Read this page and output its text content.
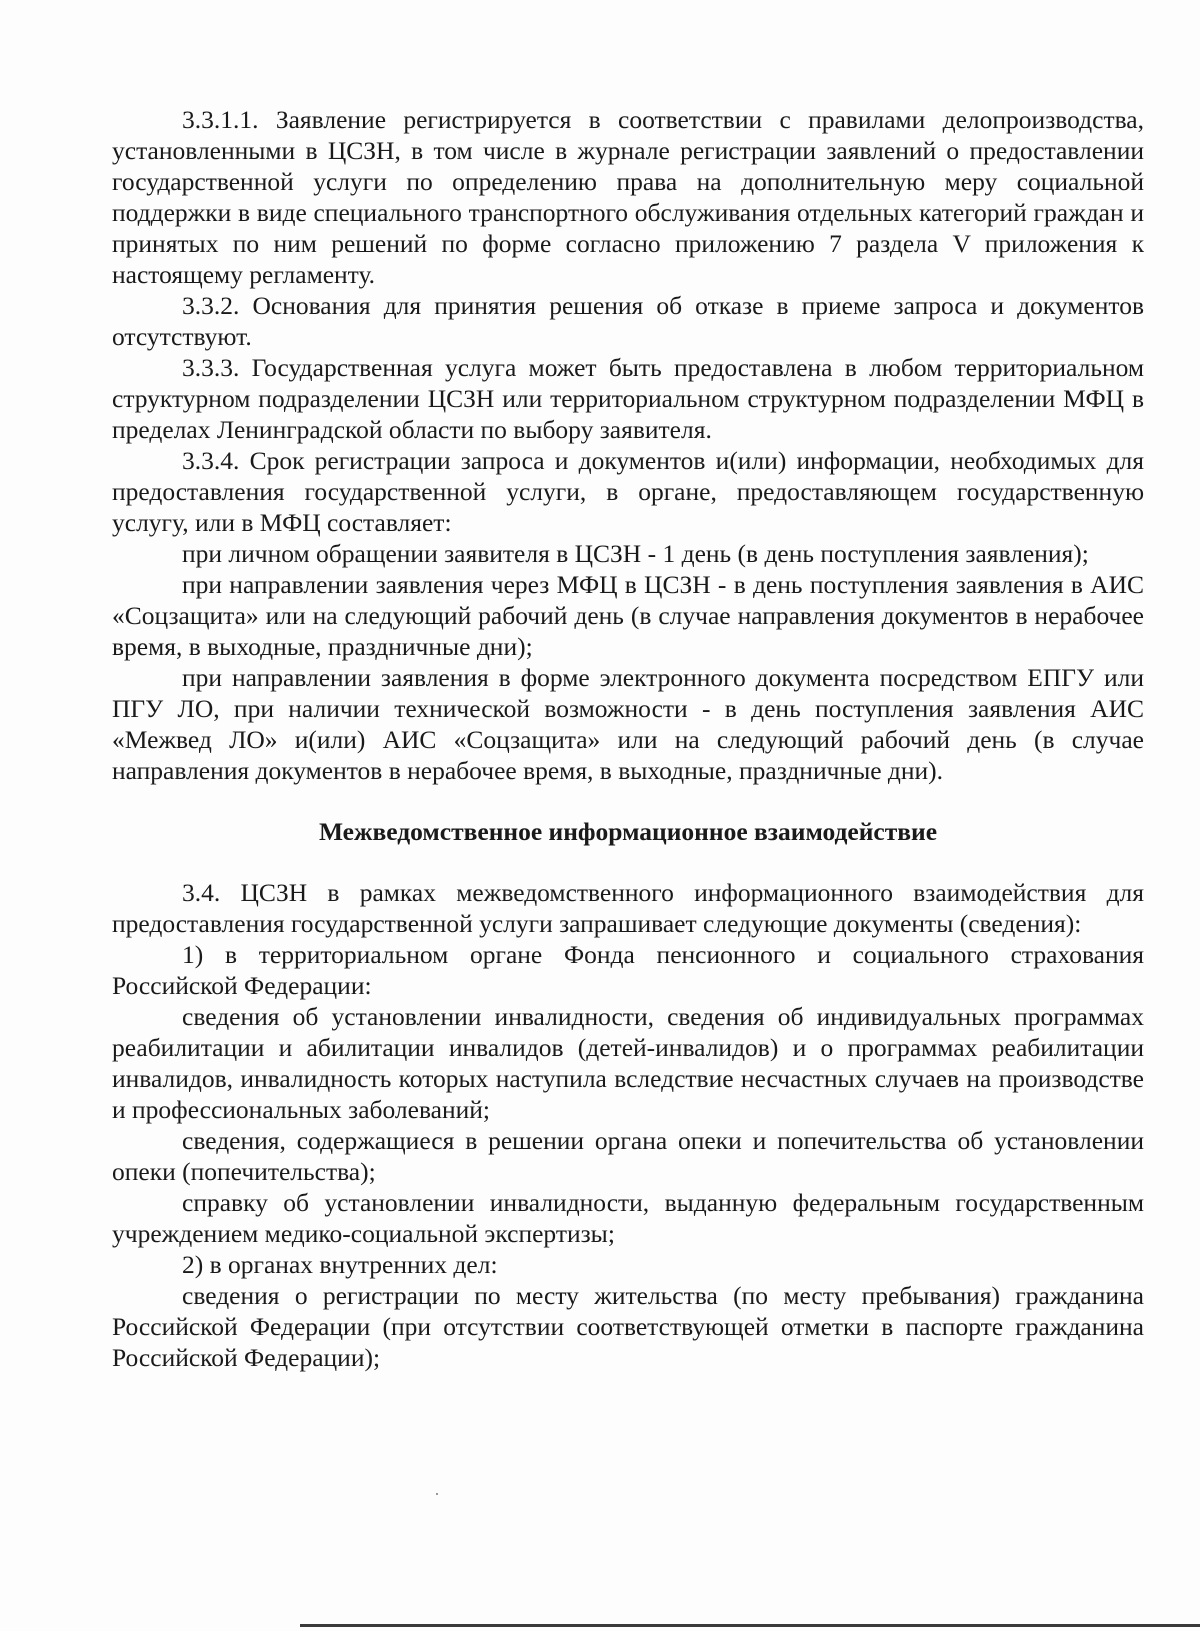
3.3.1.1. Заявление регистрируется в соответствии с правилами делопроизводства, установленными в ЦСЗН, в том числе в журнале регистрации заявлений о предоставлении государственной услуги по определению права на дополнительную меру социальной поддержки в виде специального транспортного обслуживания отдельных категорий граждан и принятых по ним решений по форме согласно приложению 7 раздела V приложения к настоящему регламенту.

3.3.2. Основания для принятия решения об отказе в приеме запроса и документов отсутствуют.

3.3.3. Государственная услуга может быть предоставлена в любом территориальном структурном подразделении ЦСЗН или территориальном структурном подразделении МФЦ в пределах Ленинградской области по выбору заявителя.

3.3.4. Срок регистрации запроса и документов и(или) информации, необходимых для предоставления государственной услуги, в органе, предоставляющем государственную услугу, или в МФЦ составляет:

при личном обращении заявителя в ЦСЗН - 1 день (в день поступления заявления);

при направлении заявления через МФЦ в ЦСЗН - в день поступления заявления в АИС «Соцзащита» или на следующий рабочий день (в случае направления документов в нерабочее время, в выходные, праздничные дни);

при направлении заявления в форме электронного документа посредством ЕПГУ или ПГУ ЛО, при наличии технической возможности - в день поступления заявления АИС «Межвед ЛО» и(или) АИС «Соцзащита» или на следующий рабочий день (в случае направления документов в нерабочее время, в выходные, праздничные дни).

Межведомственное информационное взаимодействие

3.4. ЦСЗН в рамках межведомственного информационного взаимодействия для предоставления государственной услуги запрашивает следующие документы (сведения):

1) в территориальном органе Фонда пенсионного и социального страхования Российской Федерации:

сведения об установлении инвалидности, сведения об индивидуальных программах реабилитации и абилитации инвалидов (детей-инвалидов) и о программах реабилитации инвалидов, инвалидность которых наступила вследствие несчастных случаев на производстве и профессиональных заболеваний;

сведения, содержащиеся в решении органа опеки и попечительства об установлении опеки (попечительства);

справку об установлении инвалидности, выданную федеральным государственным учреждением медико-социальной экспертизы;

2) в органах внутренних дел:

сведения о регистрации по месту жительства (по месту пребывания) гражданина Российской Федерации (при отсутствии соответствующей отметки в паспорте гражданина Российской Федерации);
